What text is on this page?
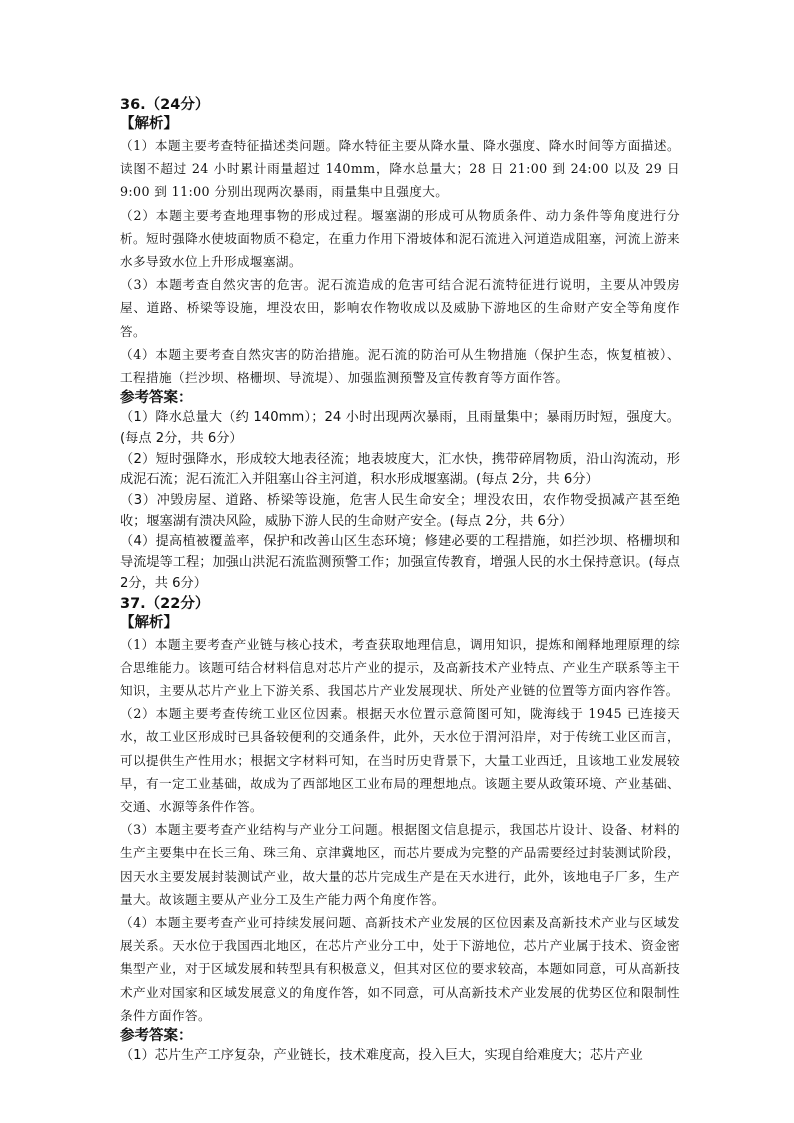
36.（24分）
【解析】

（1）本题主要考查特征描述类问题。降水特征主要从降水量、降水强度、降水时间等方面描述。读图不超过 24 小时累计雨量超过 140mm，降水总量大；28 日 21:00 到 24:00 以及 29 日 9:00 到 11:00 分别出现两次暴雨，雨量集中且强度大。

（2）本题主要考查地理事物的形成过程。堰塞湖的形成可从物质条件、动力条件等角度进行分析。短时强降水使坡面物质不稳定，在重力作用下滑坡体和泥石流进入河道造成阻塞，河流上游来水多导致水位上升形成堰塞湖。

（3）本题考查自然灾害的危害。泥石流造成的危害可结合泥石流特征进行说明，主要从冲毁房屋、道路、桥梁等设施，埋没农田，影响农作物收成以及威胁下游地区的生命财产安全等角度作答。

（4）本题主要考查自然灾害的防治措施。泥石流的防治可从生物措施（保护生态，恢复植被）、工程措施（拦沙坝、格栅坝、导流堤）、加强监测预警及宣传教育等方面作答。

参考答案：

（1）降水总量大（约 140mm）；24 小时出现两次暴雨，且雨量集中；暴雨历时短，强度大。(每点 2分，共 6分）

（2）短时强降水，形成较大地表径流；地表坡度大，汇水快，携带碎屑物质，沿山沟流动，形成泥石流；泥石流汇入并阻塞山谷主河道，积水形成堰塞湖。(每点 2分，共 6分）

（3）冲毁房屋、道路、桥梁等设施，危害人民生命安全；埋没农田，农作物受损减产甚至绝收；堰塞湖有溃决风险，威胁下游人民的生命财产安全。(每点 2分，共 6分）

（4）提高植被覆盖率，保护和改善山区生态环境；修建必要的工程措施，如拦沙坝、格栅坝和导流堤等工程；加强山洪泥石流监测预警工作；加强宣传教育，增强人民的水土保持意识。(每点 2分，共 6分）

37.（22分）
【解析】

（1）本题主要考查产业链与核心技术，考查获取地理信息，调用知识，提炼和阐释地理原理的综合思维能力。该题可结合材料信息对芯片产业的提示，及高新技术产业特点、产业生产联系等主干知识，主要从芯片产业上下游关系、我国芯片产业发展现状、所处产业链的位置等方面内容作答。

（2）本题主要考查传统工业区位因素。根据天水位置示意简图可知，陇海线于 1945 已连接天水，故工业区形成时已具备较便利的交通条件，此外，天水位于渭河沿岸，对于传统工业区而言，可以提供生产性用水；根据文字材料可知，在当时历史背景下，大量工业西迁，且该地工业发展较早，有一定工业基础，故成为了西部地区工业布局的理想地点。该题主要从政策环境、产业基础、交通、水源等条件作答。

（3）本题主要考查产业结构与产业分工问题。根据图文信息提示，我国芯片设计、设备、材料的生产主要集中在长三角、珠三角、京津冀地区，而芯片要成为完整的产品需要经过封装测试阶段，因天水主要发展封装测试产业，故大量的芯片完成生产是在天水进行，此外，该地电子厂多，生产量大。故该题主要从产业分工及生产能力两个角度作答。

（4）本题主要考查产业可持续发展问题、高新技术产业发展的区位因素及高新技术产业与区域发展关系。天水位于我国西北地区，在芯片产业分工中，处于下游地位，芯片产业属于技术、资金密集型产业，对于区域发展和转型具有积极意义，但其对区位的要求较高，本题如同意，可从高新技术产业对国家和区域发展意义的角度作答，如不同意，可从高新技术产业发展的优势区位和限制性条件方面作答。

参考答案：

（1）芯片生产工序复杂，产业链长，技术难度高，投入巨大，实现自给难度大；芯片产业
